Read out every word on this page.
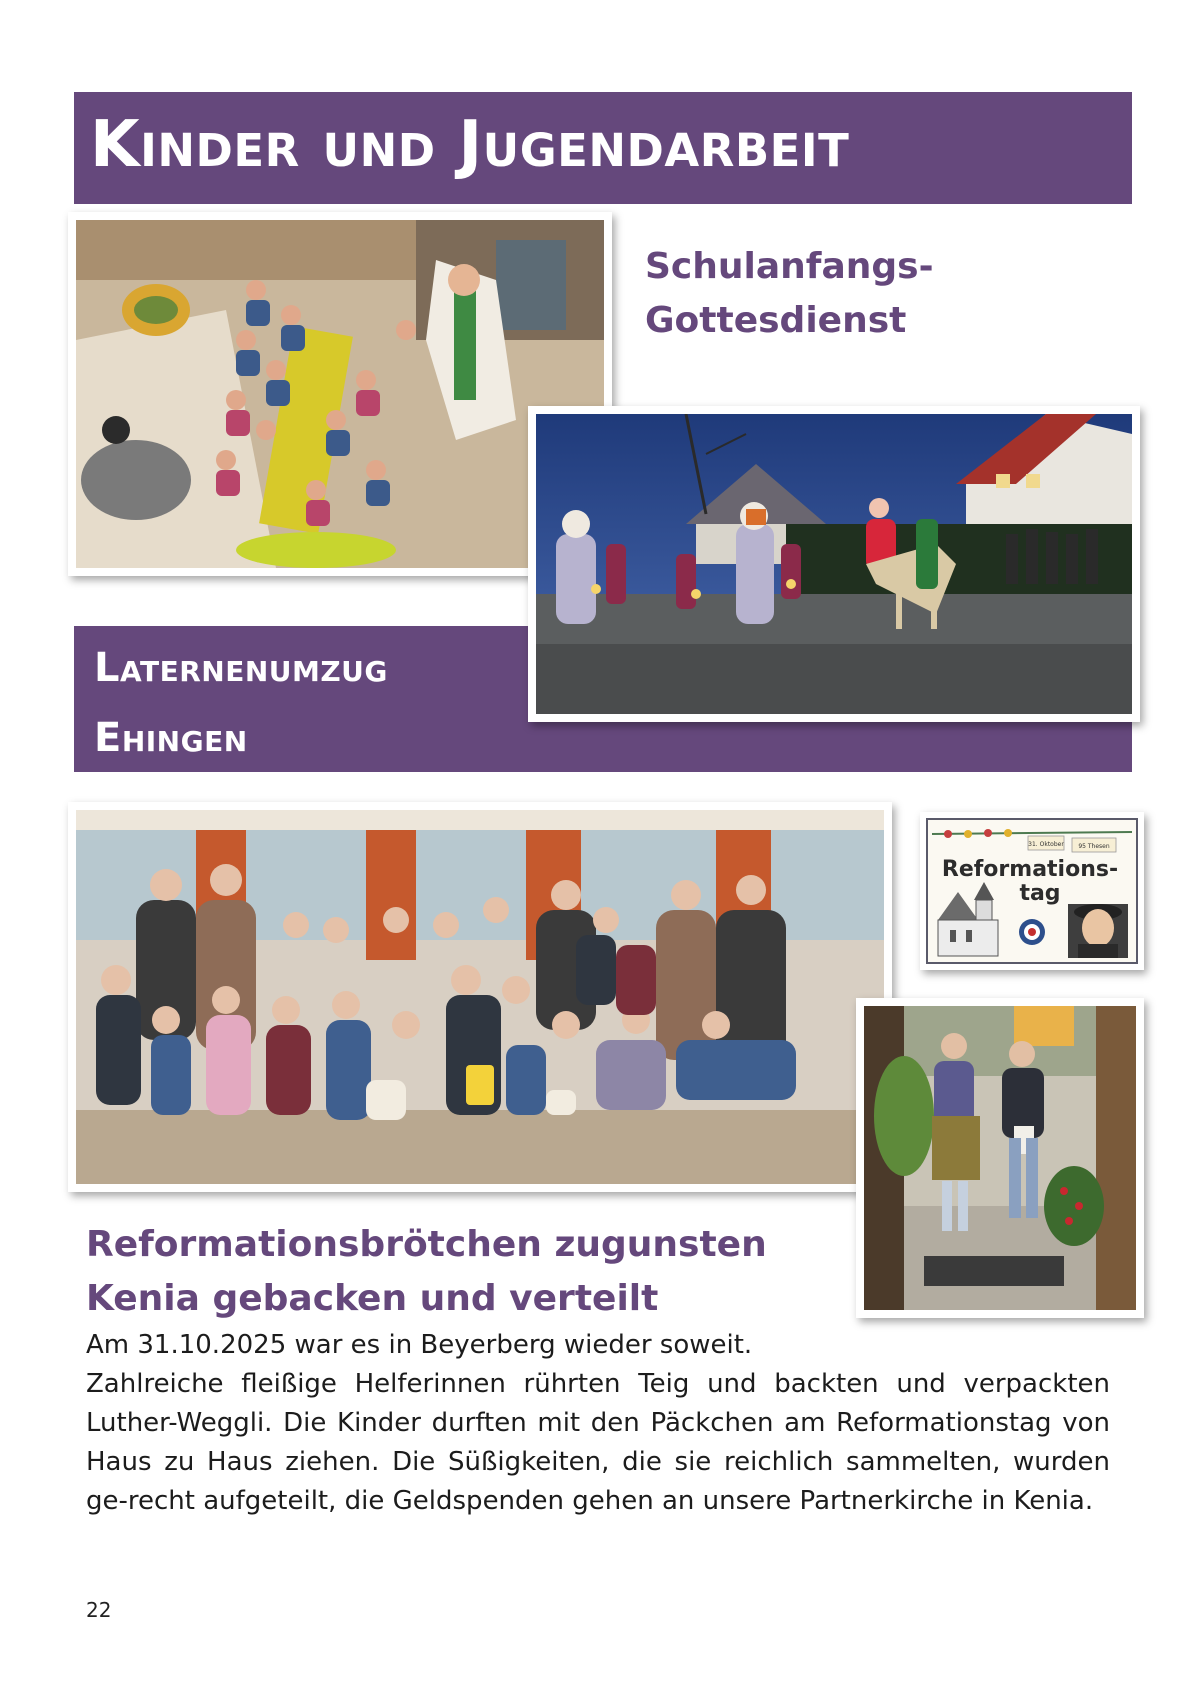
Kinder und Jugendarbeit
Schulanfangs-
Gottesdienst
Laternenumzug
Ehingen
31. Oktober 95 Thesen
Reformations-
tag
Reformationsbrötchen zugunsten
Kenia gebacken und verteilt
Am 31.10.2025 war es in Beyerberg wieder soweit.
Zahlreiche fleißige Helferinnen rührten Teig und backten und verpackten Luther-Weggli. Die Kinder durften mit den Päckchen am Reformationstag von Haus zu Haus ziehen. Die Süßigkeiten, die sie reichlich sammelten, wurden ge-recht aufgeteilt, die Geldspenden gehen an unsere Partnerkirche in Kenia.
22
